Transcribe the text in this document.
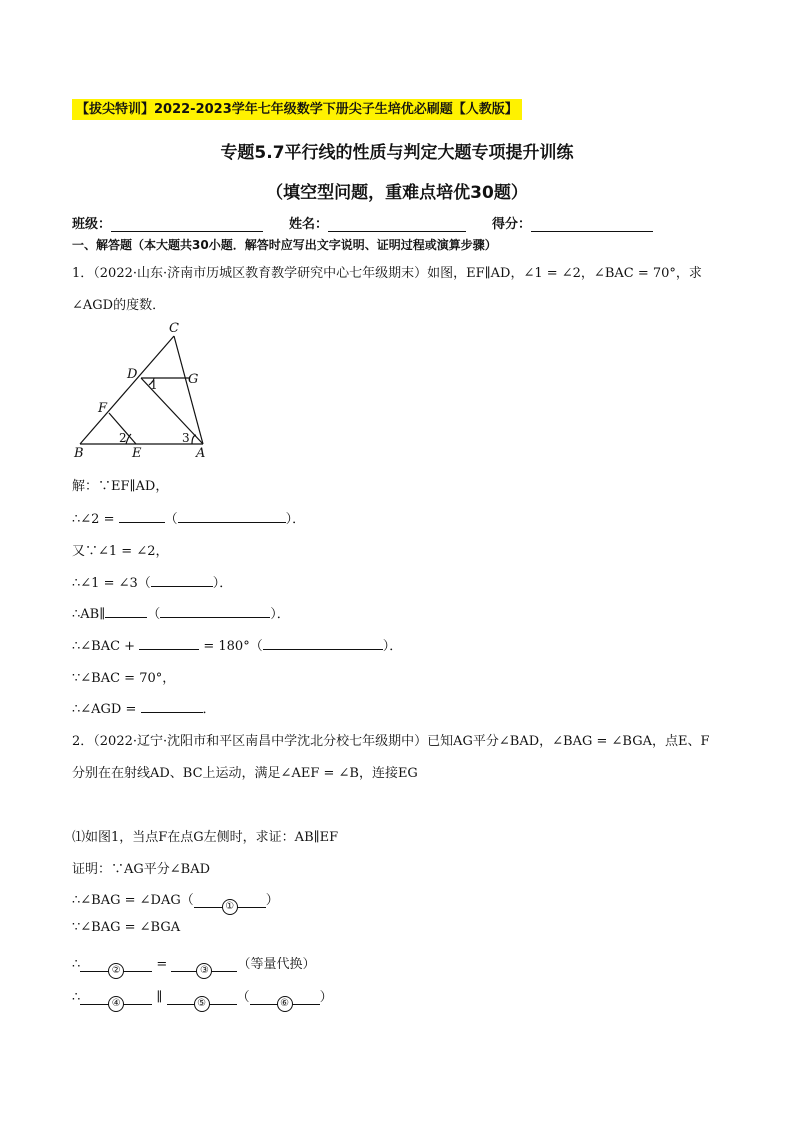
【拔尖特训】2022-2023学年七年级数学下册尖子生培优必刷题【人教版】
专题5.7平行线的性质与判定大题专项提升训练
（填空型问题，重难点培优30题）
班级：	姓名：	得分：
一、解答题（本大题共30小题．解答时应写出文字说明、证明过程或演算步骤）
1．（2022·山东·济南市历城区教育教学研究中心七年级期末）如图，EF∥AD，∠1 = ∠2，∠BAC = 70°，求
∠AGD的度数．
C
D	G
F
B	E	A
1
2	3
解：∵EF∥AD，
∴∠2 =	（	）．
又∵∠1 = ∠2，
∴∠1 = ∠3（	）．
∴AB∥	（	）．
∴∠BAC +	= 180°（	）．
∵∠BAC = 70°，
∴∠AGD =	．
2．（2022·辽宁·沈阳市和平区南昌中学沈北分校七年级期中）已知AG平分∠BAD，∠BAG = ∠BGA，点E、F
分别在在射线AD、BC上运动，满足∠AEF = ∠B，连接EG
⑴如图1，当点F在点G左侧时，求证：AB∥EF
证明：∵AG平分∠BAD
∴∠BAG = ∠DAG（	① ）
∵∠BAG = ∠BGA
∴	② =	③ （等量代换）
∴	④ ∥	⑤ （	⑥ ）
